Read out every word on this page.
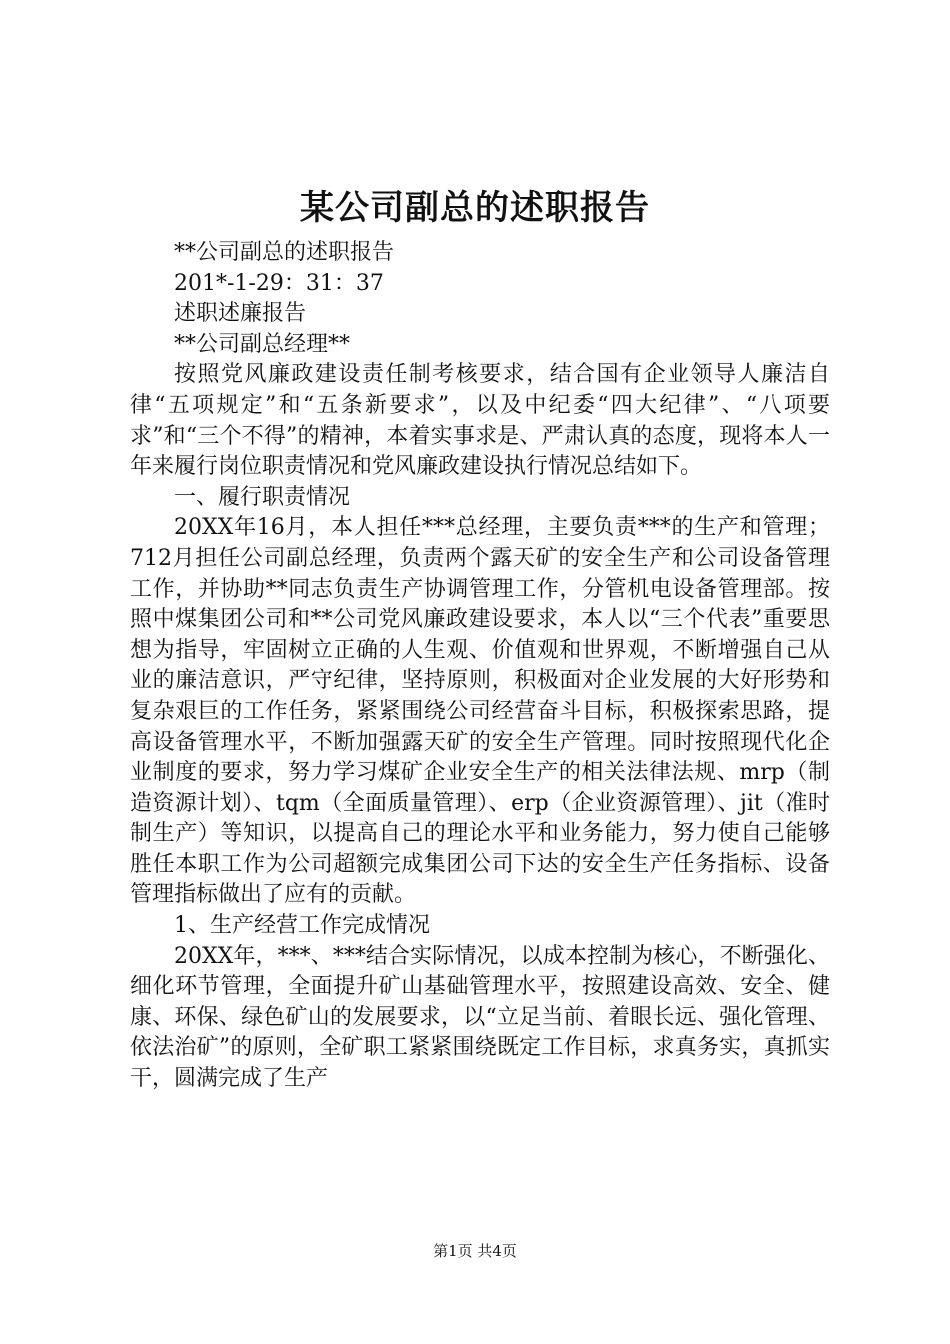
某公司副总的述职报告

**公司副总的述职报告

201*-1-29：31：37

述职述廉报告

**公司副总经理**

按照党风廉政建设责任制考核要求，结合国有企业领导人廉洁自律“五项规定”和“五条新要求”，以及中纪委“四大纪律”、“八项要求”和“三个不得”的精神，本着实事求是、严肃认真的态度，现将本人一年来履行岗位职责情况和党风廉政建设执行情况总结如下。

一、履行职责情况

20XX年16月，本人担任***总经理，主要负责***的生产和管理；712月担任公司副总经理，负责两个露天矿的安全生产和公司设备管理工作，并协助**同志负责生产协调管理工作，分管机电设备管理部。按照中煤集团公司和**公司党风廉政建设要求，本人以“三个代表”重要思想为指导，牢固树立正确的人生观、价值观和世界观，不断增强自己从业的廉洁意识，严守纪律，坚持原则，积极面对企业发展的大好形势和复杂艰巨的工作任务，紧紧围绕公司经营奋斗目标，积极探索思路，提高设备管理水平，不断加强露天矿的安全生产管理。同时按照现代化企业制度的要求，努力学习煤矿企业安全生产的相关法律法规、mrp（制造资源计划）、tqm（全面质量管理）、erp（企业资源管理）、jit（准时制生产）等知识，以提高自己的理论水平和业务能力，努力使自己能够胜任本职工作为公司超额完成集团公司下达的安全生产任务指标、设备管理指标做出了应有的贡献。

1、生产经营工作完成情况

20XX年，***、***结合实际情况，以成本控制为核心，不断强化、细化环节管理，全面提升矿山基础管理水平，按照建设高效、安全、健康、环保、绿色矿山的发展要求，以“立足当前、着眼长远、强化管理、依法治矿”的原则，全矿职工紧紧围绕既定工作目标，求真务实，真抓实干，圆满完成了生产

第1页 共4页
